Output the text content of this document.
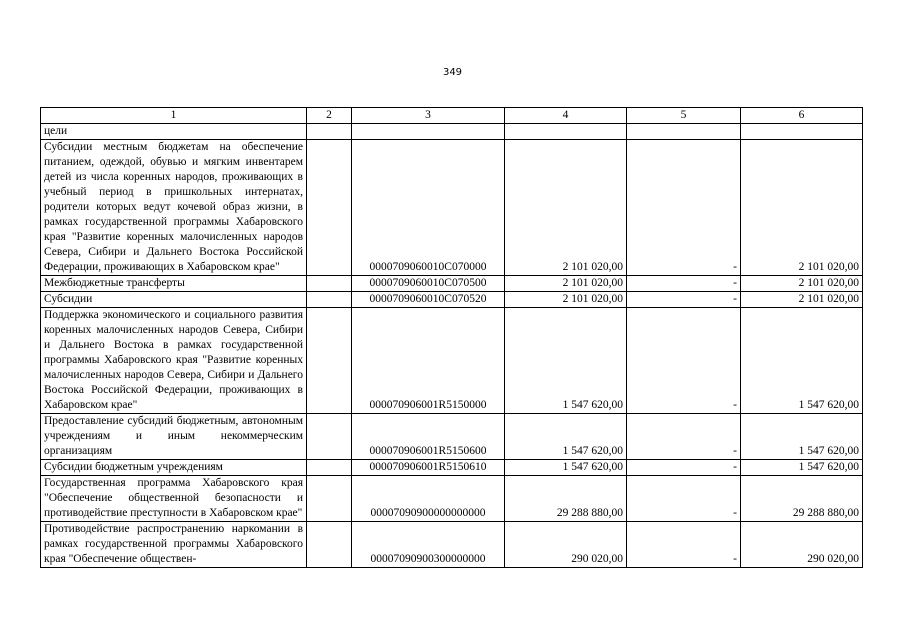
349
1	2	3	4	5	6
цели					
Субсидии местным бюджетам на обеспечение питанием, одеждой, обувью и мягким инвентарем детей из числа коренных народов, проживающих в учебный период в пришкольных интернатах, родители которых ведут кочевой образ жизни, в рамках государственной программы Хабаровского края "Развитие коренных малочисленных народов Севера, Сибири и Дальнего Востока Российской Федерации, проживающих в Хабаровском крае"		0000709060010C070000	2 101 020,00	-	2 101 020,00
Межбюджетные трансферты		0000709060010C070500	2 101 020,00	-	2 101 020,00
Субсидии		0000709060010C070520	2 101 020,00	-	2 101 020,00
Поддержка экономического и социального развития коренных малочисленных народов Севера, Сибири и Дальнего Востока в рамках государственной программы Хабаровского края "Развитие коренных малочисленных народов Севера, Сибири и Дальнего Востока Российской Федерации, проживающих в Хабаровском крае"		000070906001R5150000	1 547 620,00	-	1 547 620,00
Предоставление субсидий бюджетным, автономным учреждениям и иным некоммерческим организациям		000070906001R5150600	1 547 620,00	-	1 547 620,00
Субсидии бюджетным учреждениям		000070906001R5150610	1 547 620,00	-	1 547 620,00
Государственная программа Хабаровского края "Обеспечение общественной безопасности и противодействие преступности в Хабаровском крае"		00007090900000000000	29 288 880,00	-	29 288 880,00
Противодействие распространению наркомании в рамках государственной программы Хабаровского края "Обеспечение обществен-		00007090900300000000	290 020,00	-	290 020,00
